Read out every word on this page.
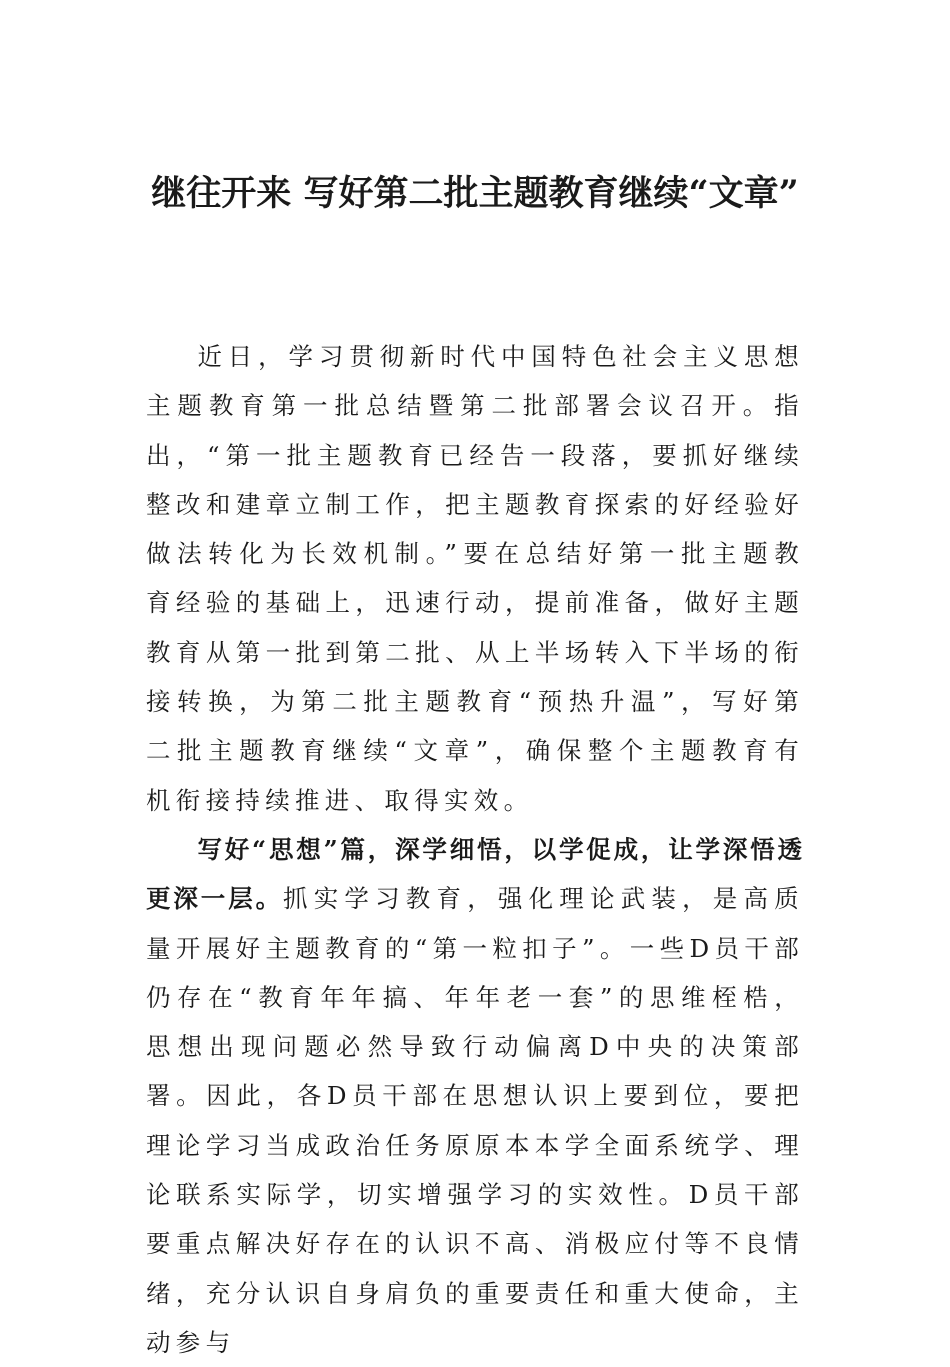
继往开来 写好第二批主题教育继续“文章”

近日，学习贯彻新时代中国特色社会主义思想主题教育第一批总结暨第二批部署会议召开。指出，“第一批主题教育已经告一段落，要抓好继续整改和建章立制工作，把主题教育探索的好经验好做法转化为长效机制。”要在总结好第一批主题教育经验的基础上，迅速行动，提前准备，做好主题教育从第一批到第二批、从上半场转入下半场的衔接转换，为第二批主题教育“预热升温”，写好第二批主题教育继续“文章”，确保整个主题教育有机衔接持续推进、取得实效。

写好“思想”篇，深学细悟，以学促成，让学深悟透更深一层。抓实学习教育，强化理论武装，是高质量开展好主题教育的“第一粒扣子”。一些D员干部仍存在“教育年年搞、年年老一套”的思维桎梏，思想出现问题必然导致行动偏离D中央的决策部署。因此，各D员干部在思想认识上要到位，要把理论学习当成政治任务原原本本学全面系统学、理论联系实际学，切实增强学习的实效性。D员干部要重点解决好存在的认识不高、消极应付等不良情绪，充分认识自身肩负的重要责任和重大使命，主动参与
